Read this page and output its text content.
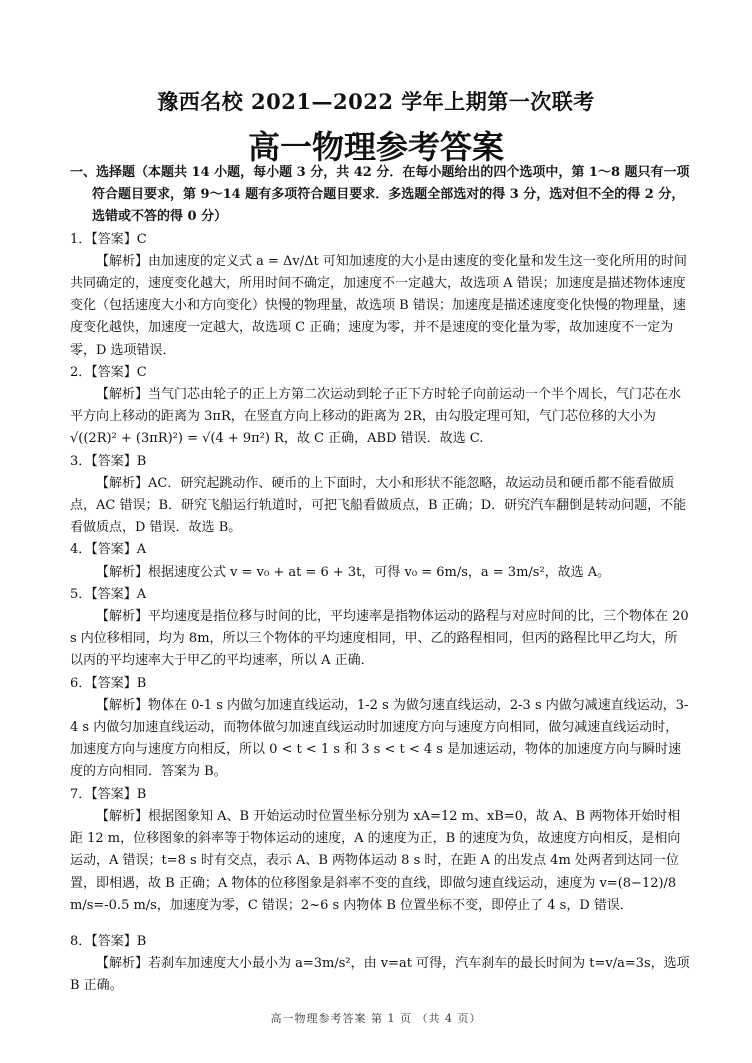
豫西名校 2021—2022 学年上期第一次联考
高一物理参考答案

一、选择题（本题共 14 小题，每小题 3 分，共 42 分．在每小题给出的四个选项中，第 1～8 题只有一项符合题目要求，第 9～14 题有多项符合题目要求．多选题全部选对的得 3 分，选对但不全的得 2 分，选错或不答的得 0 分）

1．【答案】C

【解析】由加速度的定义式 a = Δv/Δt 可知加速度的大小是由速度的变化量和发生这一变化所用的时间共同确定的，速度变化越大，所用时间不确定，加速度不一定越大，故选项 A 错误；加速度是描述物体速度变化（包括速度大小和方向变化）快慢的物理量，故选项 B 错误；加速度是描述速度变化快慢的物理量，速度变化越快，加速度一定越大，故选项 C 正确；速度为零，并不是速度的变化量为零，故加速度不一定为零，D 选项错误．

2．【答案】C

【解析】当气门芯由轮子的正上方第二次运动到轮子正下方时轮子向前运动一个半个周长，气门芯在水平方向上移动的距离为 3πR，在竖直方向上移动的距离为 2R，由勾股定理可知，气门芯位移的大小为 √((2R)² + (3πR)²) = √(4 + 9π²) R，故 C 正确，ABD 错误．故选 C.

3．【答案】B

【解析】AC．研究起跳动作、硬币的上下面时，大小和形状不能忽略，故运动员和硬币都不能看做质点，AC 错误；B．研究飞船运行轨道时，可把飞船看做质点，B 正确；D．研究汽车翻倒是转动问题，不能看做质点，D 错误．故选 B。

4．【答案】A

【解析】根据速度公式 v = v₀ + at = 6 + 3t，可得 v₀ = 6m/s，a = 3m/s²，故选 A。

5．【答案】A

【解析】平均速度是指位移与时间的比，平均速率是指物体运动的路程与对应时间的比，三个物体在 20 s 内位移相同，均为 8m，所以三个物体的平均速度相同，甲、乙的路程相同，但丙的路程比甲乙均大，所以丙的平均速率大于甲乙的平均速率，所以 A 正确．

6．【答案】B

【解析】物体在 0-1 s 内做匀加速直线运动，1-2 s 为做匀速直线运动，2-3 s 内做匀减速直线运动，3-4 s 内做匀加速直线运动，而物体做匀加速直线运动时加速度方向与速度方向相同，做匀减速直线运动时，加速度方向与速度方向相反，所以 0 < t < 1 s 和 3 s < t < 4 s 是加速运动，物体的加速度方向与瞬时速度的方向相同．答案为 B。

7．【答案】B

【解析】根据图象知 A、B 开始运动时位置坐标分别为 xA=12 m、xB=0，故 A、B 两物体开始时相距 12 m，位移图象的斜率等于物体运动的速度，A 的速度为正，B 的速度为负，故速度方向相反，是相向运动，A 错误；t=8 s 时有交点，表示 A、B 两物体运动 8 s 时，在距 A 的出发点 4m 处两者到达同一位置，即相遇，故 B 正确；A 物体的位移图象是斜率不变的直线，即做匀速直线运动，速度为 v=(8−12)/8 m/s=-0.5 m/s，加速度为零，C 错误；2~6 s 内物体 B 位置坐标不变，即停止了 4 s，D 错误．

8．【答案】B

【解析】若刹车加速度大小最小为 a=3m/s²，由 v=at 可得，汽车刹车的最长时间为 t=v/a=3s，选项 B 正确。

高一物理参考答案 第 1 页 （共 4 页）
